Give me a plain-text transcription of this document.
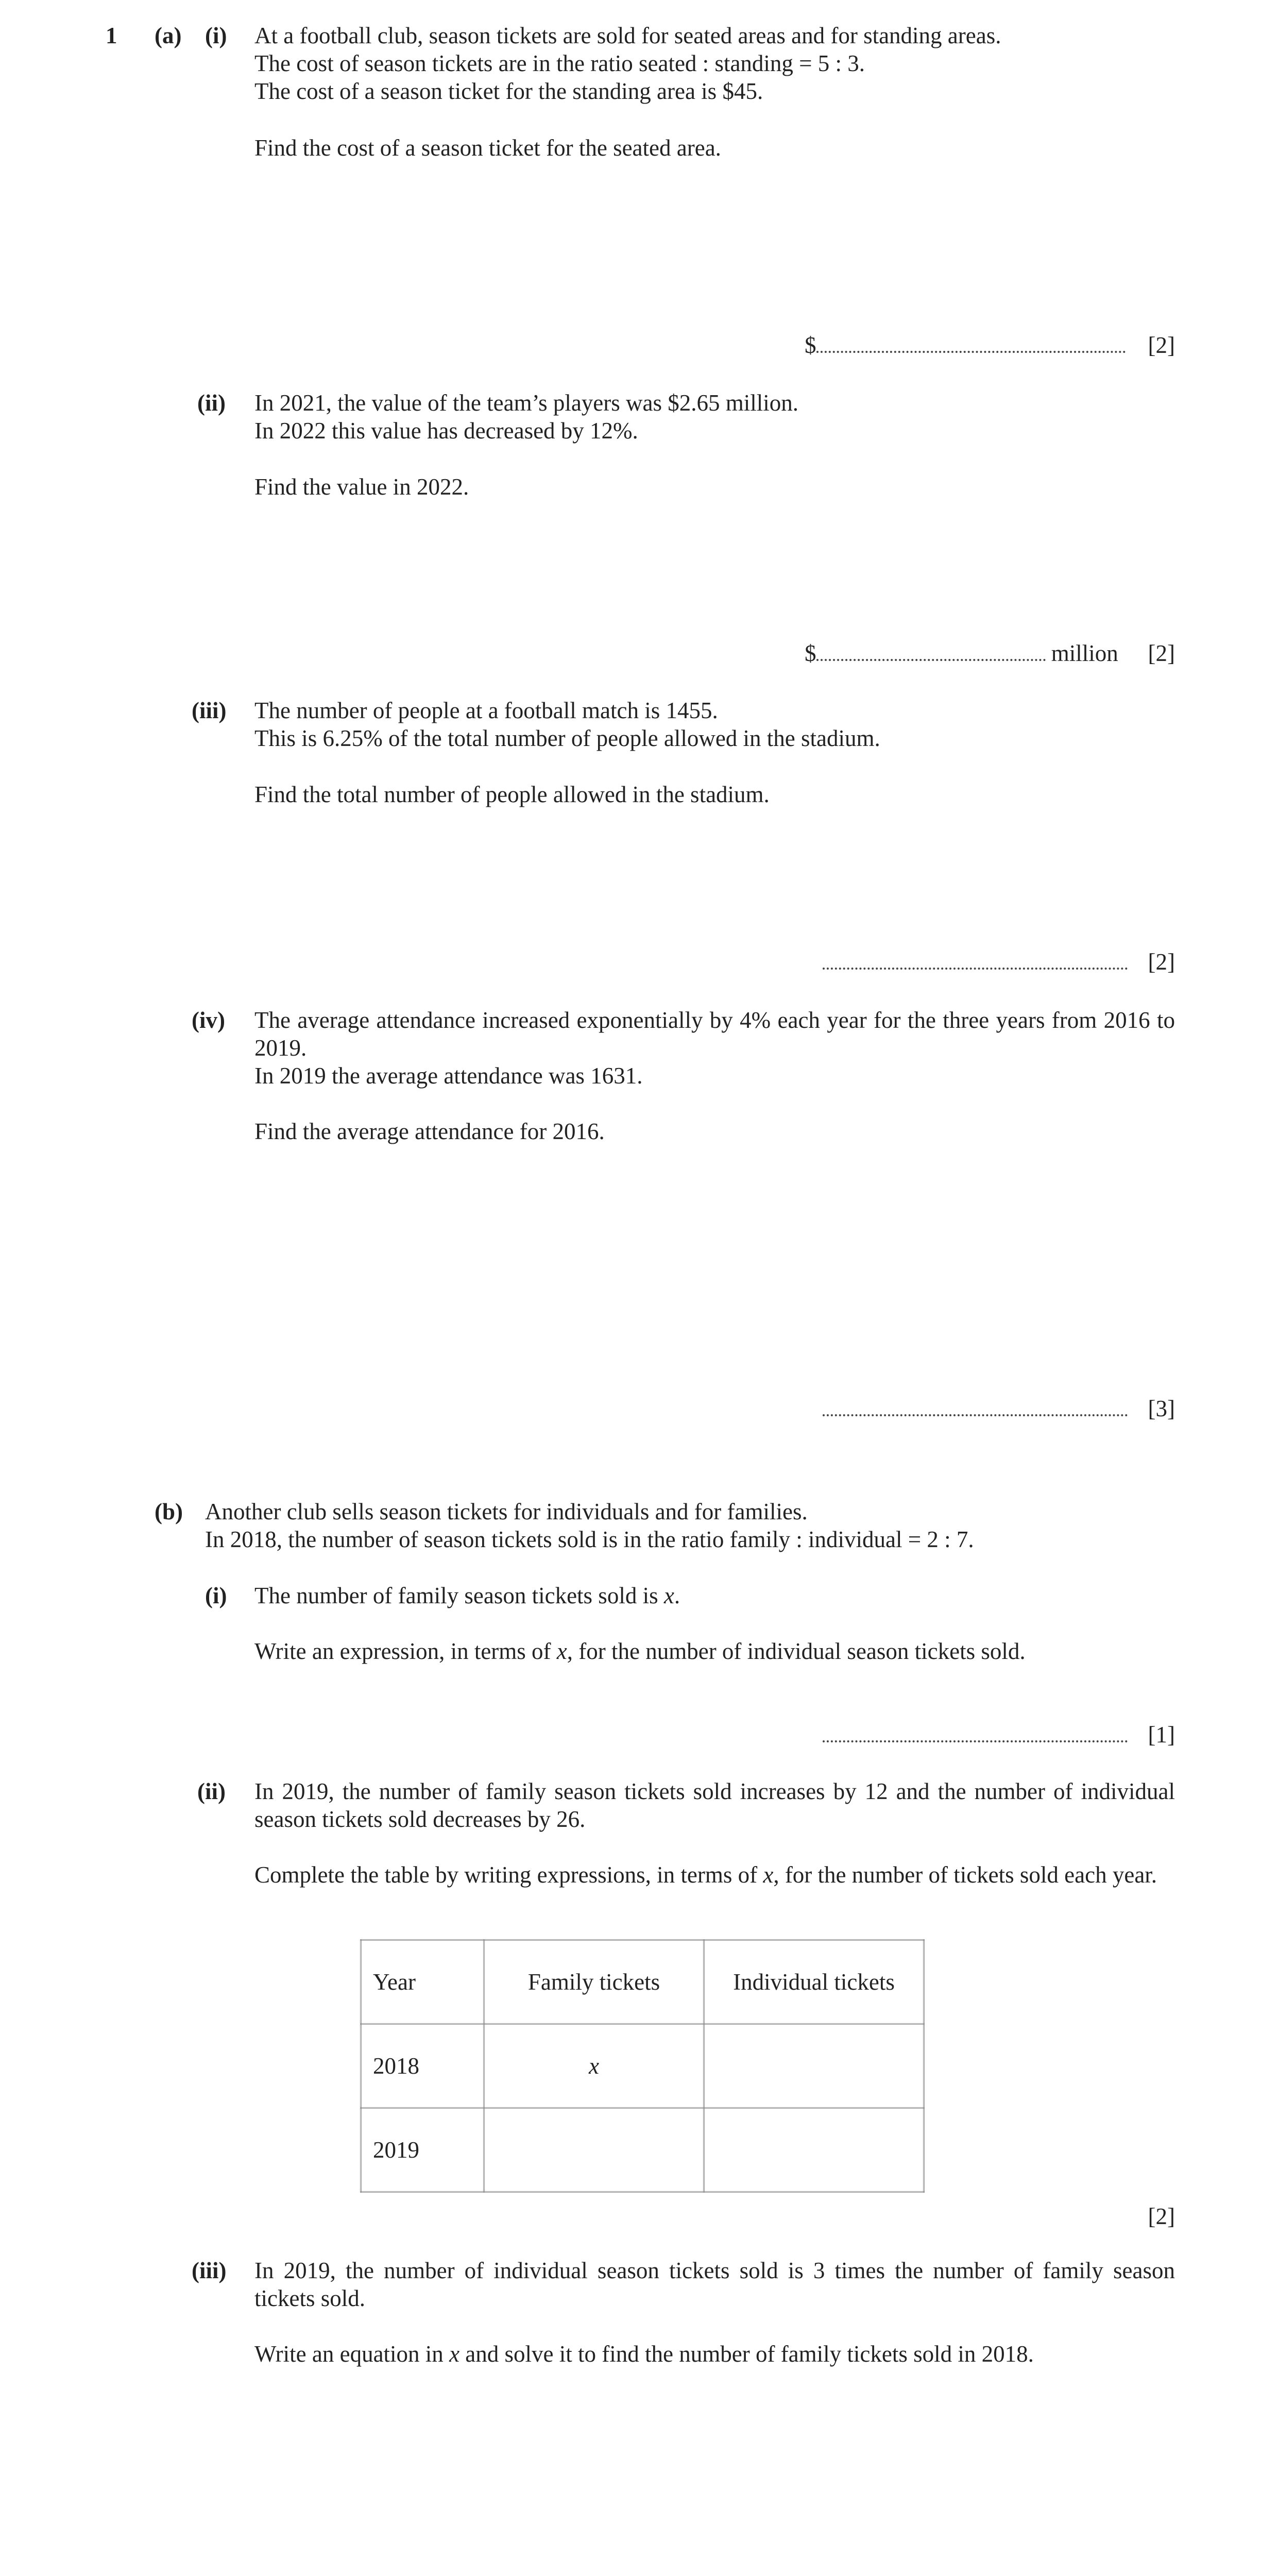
1 (a) (i) At a football club, season tickets are sold for seated areas and for standing areas.
The cost of season tickets are in the ratio seated : standing = 5 : 3.
The cost of a season ticket for the standing area is $45.
Find the cost of a season ticket for the seated area.
$	[2]
(ii) In 2021, the value of the team’s players was $2.65 million.
In 2022 this value has decreased by 12%.
Find the value in 2022.
$	million [2]
(iii) The number of people at a football match is 1455.
This is 6.25% of the total number of people allowed in the stadium.
Find the total number of people allowed in the stadium.
[2]
(iv) The average attendance increased exponentially by 4% each year for the three years from 2016 to 2019.

In 2019 the average attendance was 1631.

Find the average attendance for 2016.
[3]
(b) Another club sells season tickets for individuals and for families.
In 2018, the number of season tickets sold is in the ratio family : individual = 2 : 7.
(i) The number of family season tickets sold is x.
Write an expression, in terms of x, for the number of individual season tickets sold.
[1]
(ii) In 2019, the number of family season tickets sold increases by 12 and the number of individual season tickets sold decreases by 26.
Complete the table by writing expressions, in terms of x, for the number of tickets sold each year.
Year	Family tickets	Individual tickets
2018	x	
2019		
[2]
(iii) In 2019, the number of individual season tickets sold is 3 times the number of family season tickets sold.
Write an equation in x and solve it to find the number of family tickets sold in 2018.
